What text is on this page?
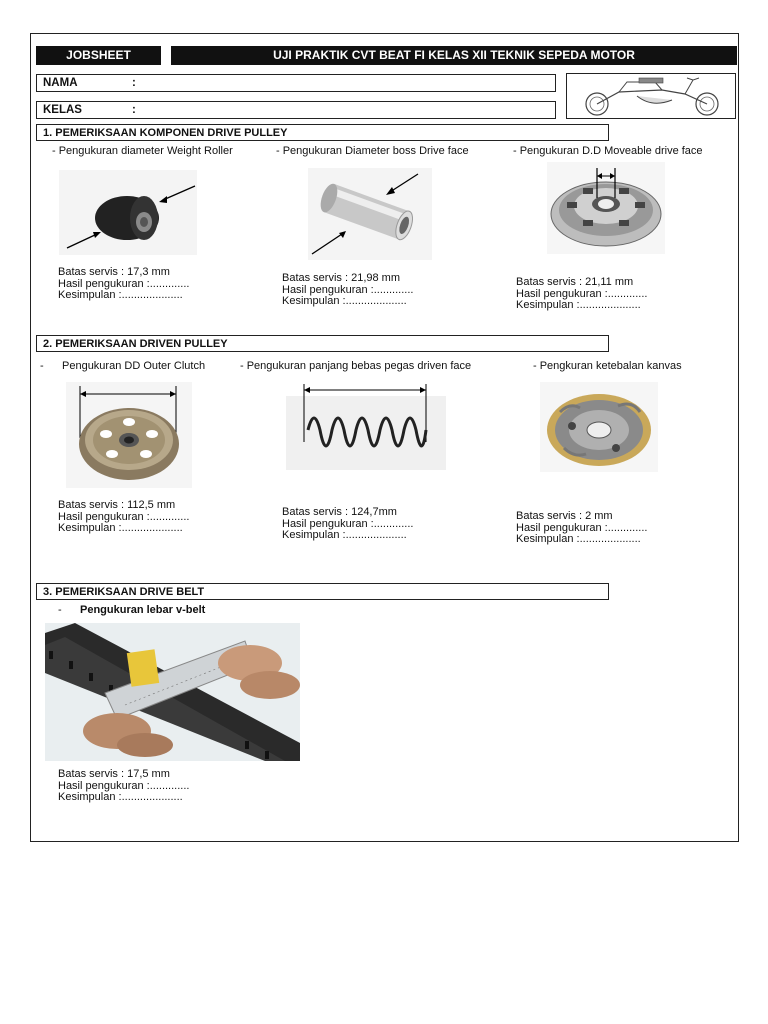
JOBSHEET	UJI PRAKTIK CVT BEAT FI KELAS XII TEKNIK SEPEDA MOTOR
NAMA	:
KELAS	:
1. PEMERIKSAAN KOMPONEN DRIVE PULLEY
- Pengukuran diameter Weight Roller	- Pengukuran Diameter boss Drive face	- Pengukuran D.D Moveable drive face
Batas servis : 17,3 mm
Hasil pengukuran :.............
Kesimpulan :....................
Batas servis : 21,98 mm
Hasil pengukuran :.............
Kesimpulan :....................
Batas servis : 21,11 mm
Hasil pengukuran :.............
Kesimpulan :....................
2. PEMERIKSAAN DRIVEN PULLEY
- Pengukuran DD Outer Clutch	- Pengukuran panjang bebas pegas driven face	- Pengkuran ketebalan kanvas
Batas servis : 112,5 mm
Hasil pengukuran :.............
Kesimpulan :....................
Batas servis : 124,7mm
Hasil pengukuran :.............
Kesimpulan :....................
Batas servis : 2 mm
Hasil pengukuran :.............
Kesimpulan :....................
3. PEMERIKSAAN DRIVE BELT
- Pengukuran lebar v-belt
Batas servis : 17,5 mm
Hasil pengukuran :.............
Kesimpulan :....................
